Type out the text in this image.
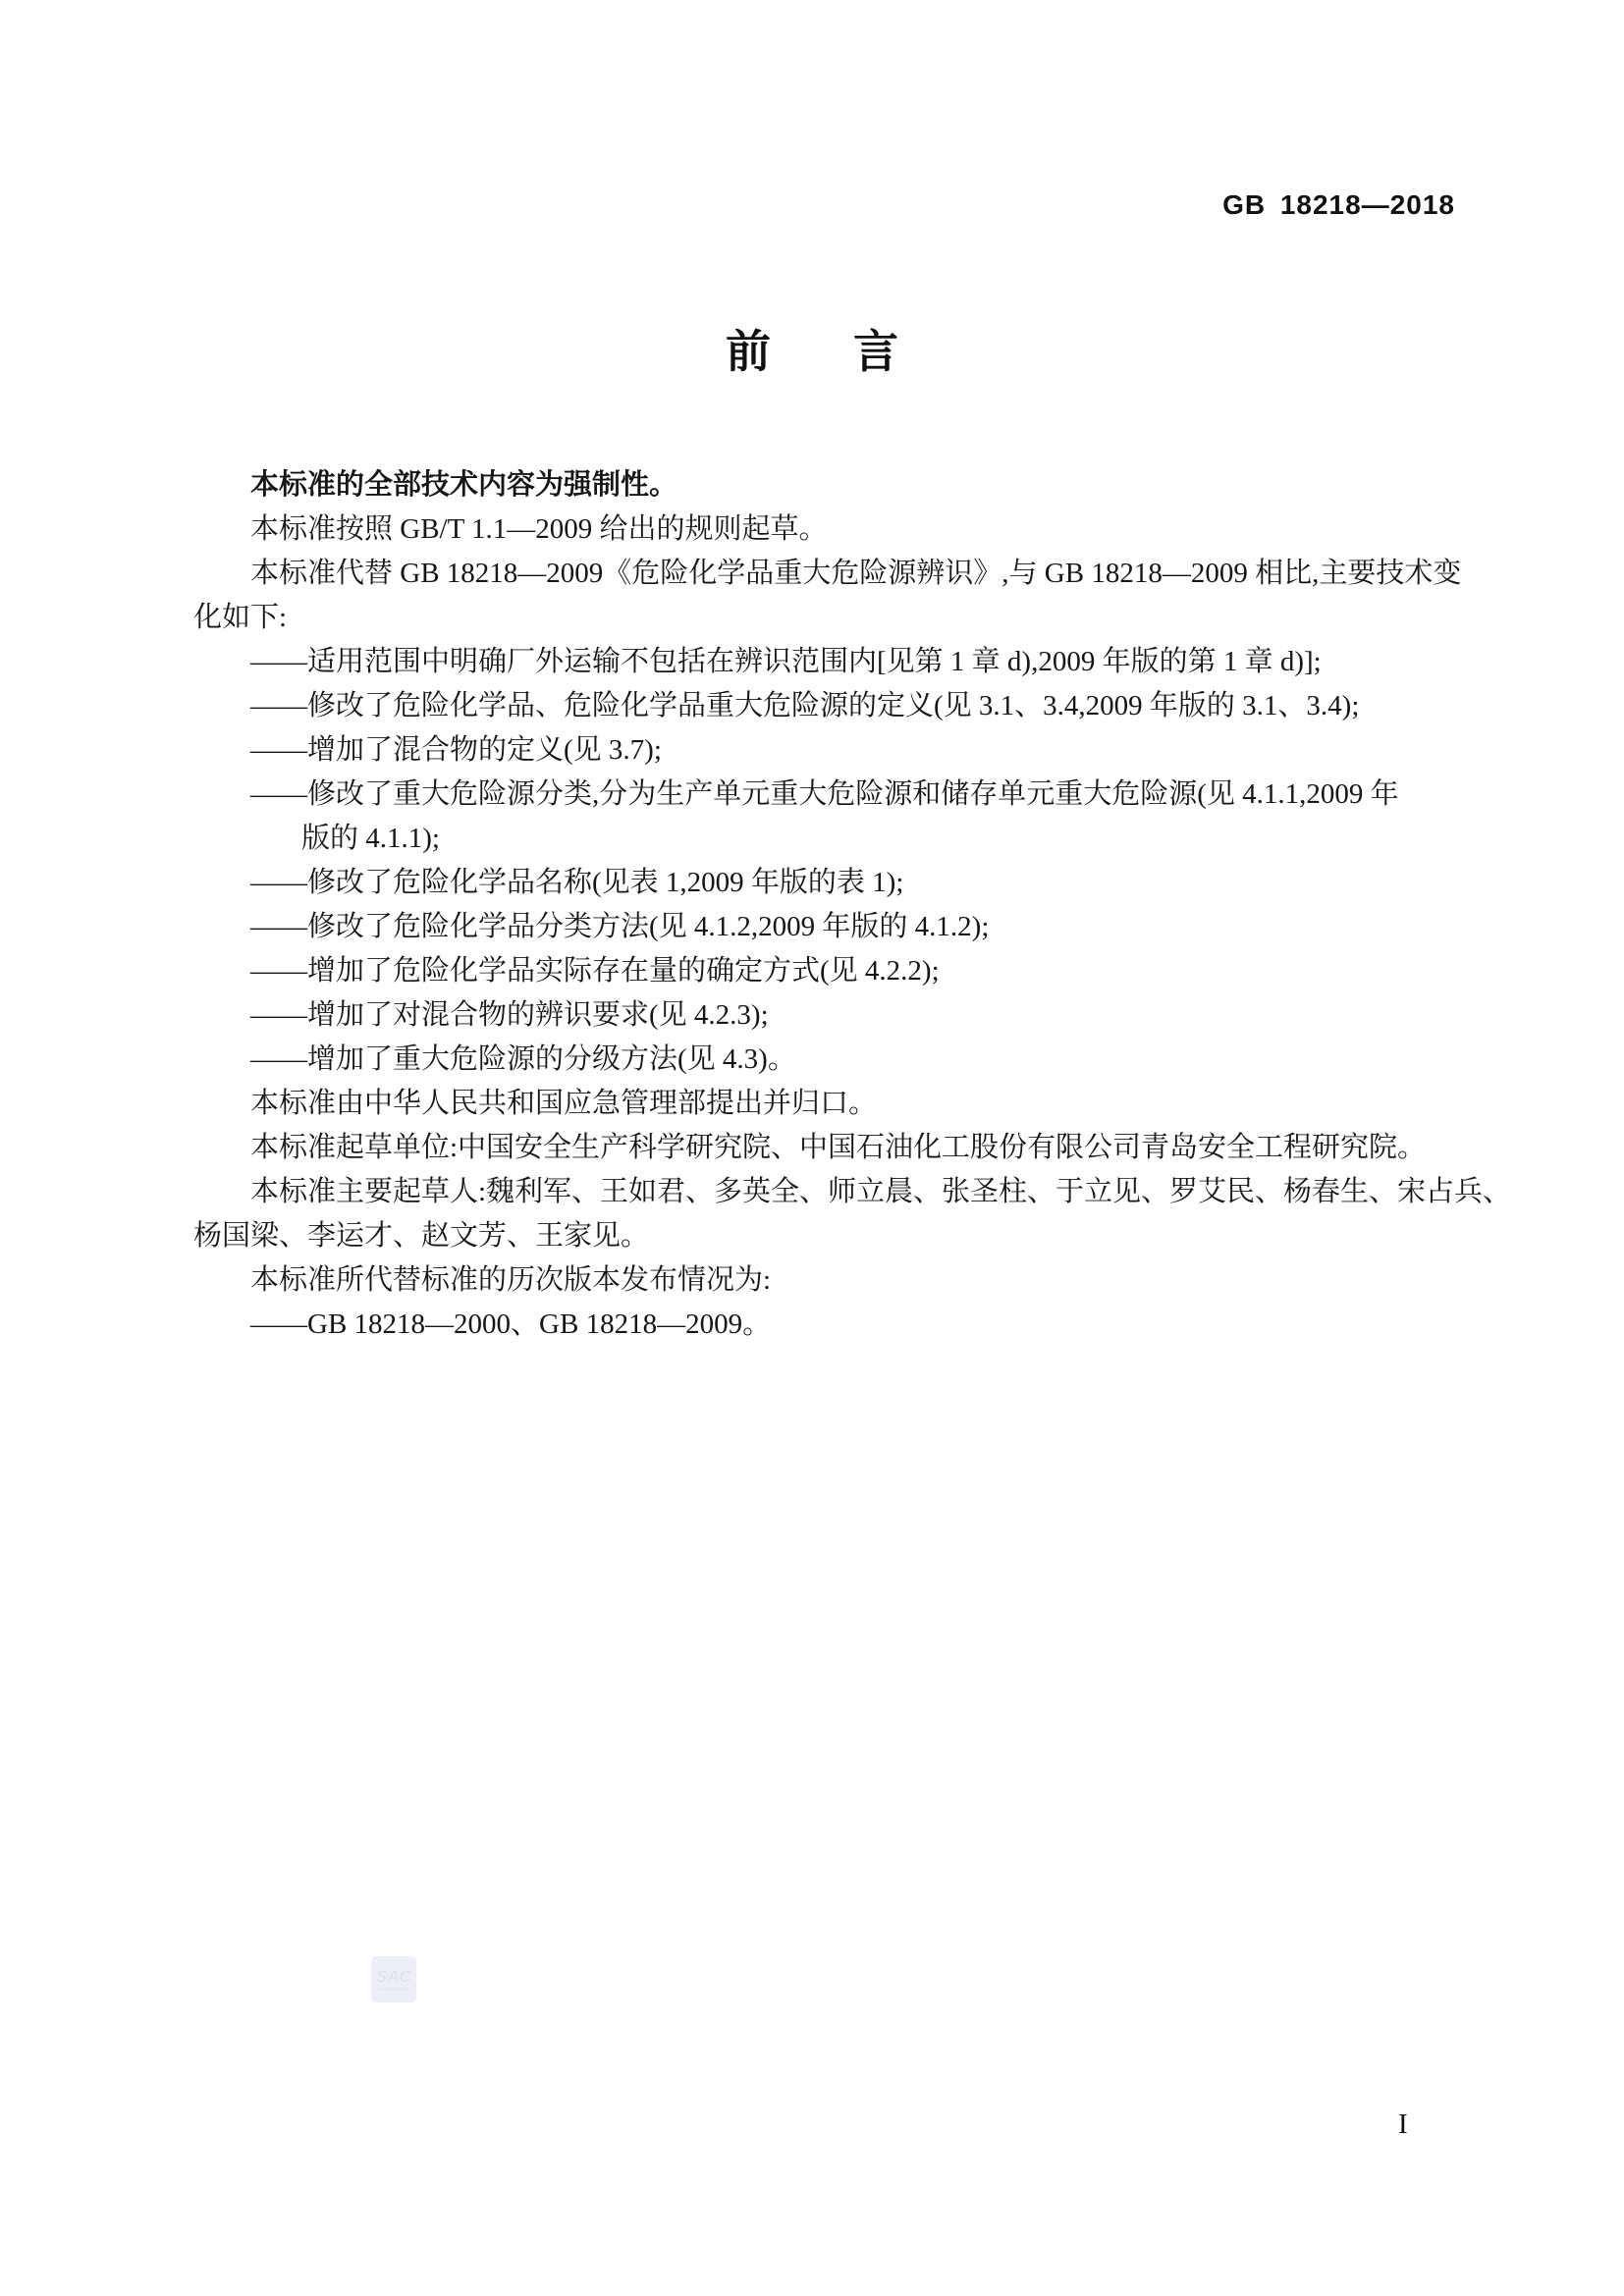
GB 18218—2018
前 言
本标准的全部技术内容为强制性。
本标准按照 GB/T 1.1—2009 给出的规则起草。
本标准代替 GB 18218—2009《危险化学品重大危险源辨识》,与 GB 18218—2009 相比,主要技术变
化如下:
——适用范围中明确厂外运输不包括在辨识范围内[见第 1 章 d),2009 年版的第 1 章 d)];
——修改了危险化学品、危险化学品重大危险源的定义(见 3.1、3.4,2009 年版的 3.1、3.4);
——增加了混合物的定义(见 3.7);
——修改了重大危险源分类,分为生产单元重大危险源和储存单元重大危险源(见 4.1.1,2009 年
版的 4.1.1);
——修改了危险化学品名称(见表 1,2009 年版的表 1);
——修改了危险化学品分类方法(见 4.1.2,2009 年版的 4.1.2);
——增加了危险化学品实际存在量的确定方式(见 4.2.2);
——增加了对混合物的辨识要求(见 4.2.3);
——增加了重大危险源的分级方法(见 4.3)。
本标准由中华人民共和国应急管理部提出并归口。
本标准起草单位:中国安全生产科学研究院、中国石油化工股份有限公司青岛安全工程研究院。
本标准主要起草人:魏利军、王如君、多英全、师立晨、张圣柱、于立见、罗艾民、杨春生、宋占兵、
杨国梁、李运才、赵文芳、王家见。
本标准所代替标准的历次版本发布情况为:
——GB 18218—2000、GB 18218—2009。
SAC
I
